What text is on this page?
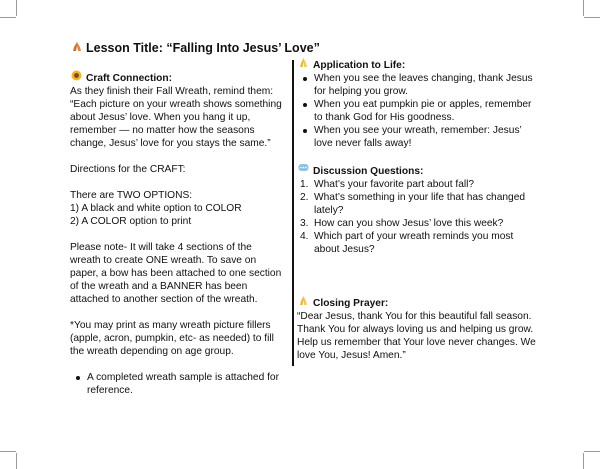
Lesson Title: “Falling Into Jesus’ Love”

Craft Connection:

As they finish their Fall Wreath, remind them: “Each picture on your wreath shows something about Jesus’ love. When you hang it up, remember — no matter how the seasons change, Jesus’ love for you stays the same.”

Directions for the CRAFT:

There are TWO OPTIONS:

1) A black and white option to COLOR

2) A COLOR option to print

Please note- It will take 4 sections of the wreath to create ONE wreath. To save on paper, a bow has been attached to one section of the wreath and a BANNER has been attached to another section of the wreath.

*You may print as many wreath picture fillers (apple, acron, pumpkin, etc- as needed) to fill the wreath depending on age group.

A completed wreath sample is attached for reference.

Application to Life:

When you see the leaves changing, thank Jesus for helping you grow.
When you eat pumpkin pie or apples, remember to thank God for His goodness.
When you see your wreath, remember: Jesus’ love never falls away!

Discussion Questions:

1. What’s your favorite part about fall?
2. What’s something in your life that has changed lately?
3. How can you show Jesus’ love this week?
4. Which part of your wreath reminds you most about Jesus?

Closing Prayer:

“Dear Jesus, thank You for this beautiful fall season. Thank You for always loving us and helping us grow. Help us remember that Your love never changes. We love You, Jesus! Amen.”
